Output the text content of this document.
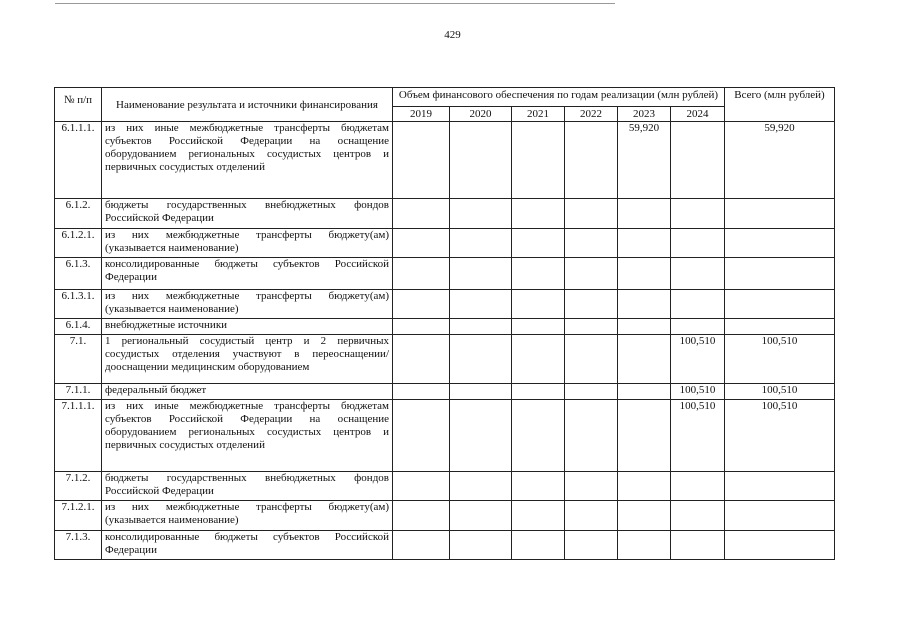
429
№ п/п	Наименование результата и источники финансирования	Объем финансового обеспечения по годам реализации (млн рублей)						Всего (млн рублей)
		2019	2020	2021	2022	2023	2024	
6.1.1.1.	из них иные межбюджетные трансферты бюджетам субъектов Российской Федерации на оснащение оборудованием региональных сосудистых центров и первичных сосудистых отделений					59,920		59,920
6.1.2.	бюджеты государственных внебюджетных фондов Российской Федерации							
6.1.2.1.	из них межбюджетные трансферты бюджету(ам) (указывается наименование)							
6.1.3.	консолидированные бюджеты субъектов Российской Федерации							
6.1.3.1.	из них межбюджетные трансферты бюджету(ам) (указывается наименование)							
6.1.4.	внебюджетные источники							
7.1.	1 региональный сосудистый центр и 2 первичных сосудистых отделения участвуют в переоснащении/дооснащении медицинским оборудованием						100,510	100,510
7.1.1.	федеральный бюджет						100,510	100,510
7.1.1.1.	из них иные межбюджетные трансферты бюджетам субъектов Российской Федерации на оснащение оборудованием региональных сосудистых центров и первичных сосудистых отделений						100,510	100,510
7.1.2.	бюджеты государственных внебюджетных фондов Российской Федерации							
7.1.2.1.	из них межбюджетные трансферты бюджету(ам) (указывается наименование)							
7.1.3.	консолидированные бюджеты субъектов Российской Федерации							
